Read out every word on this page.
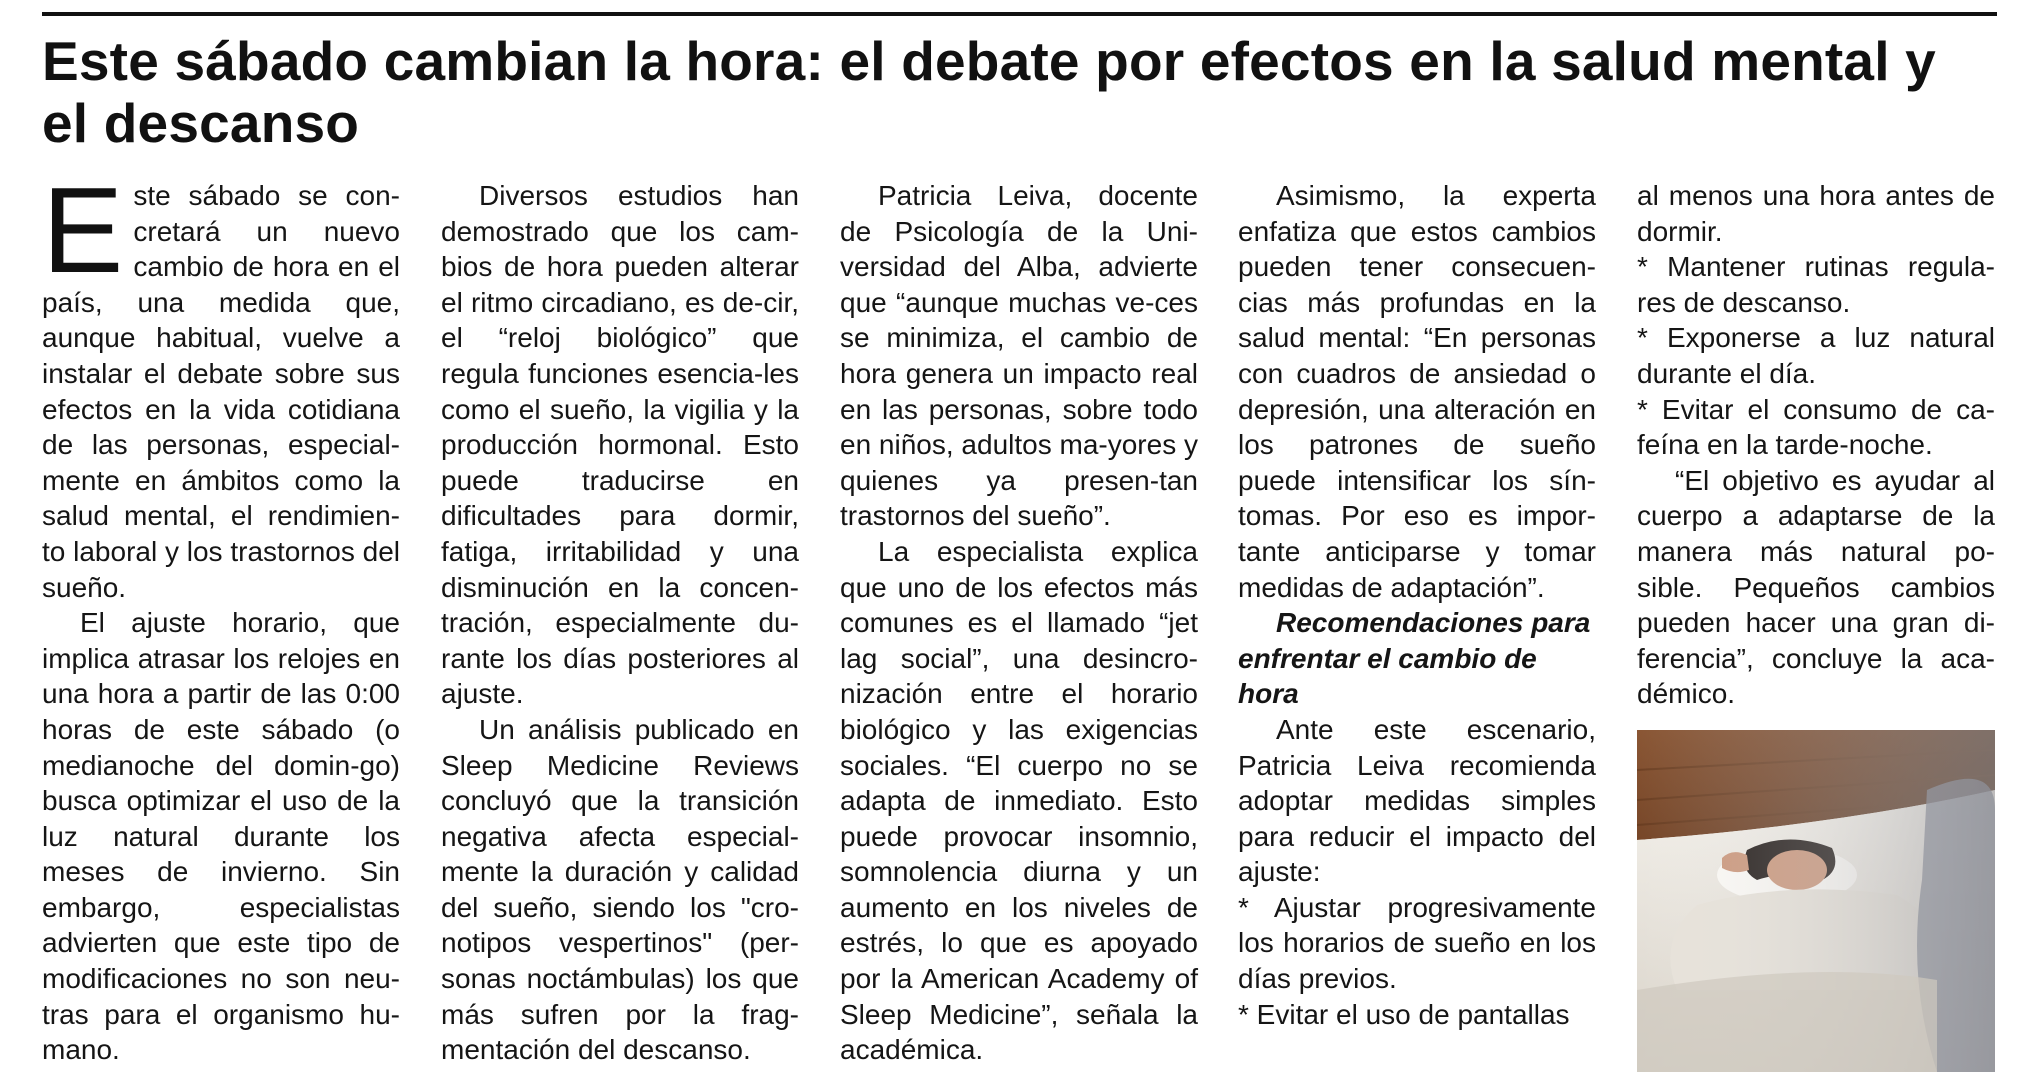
Este sábado cambian la hora: el debate por efectos en la salud mental y el descanso

Este sábado se con-cretará un nuevo cambio de hora en el país, una medida que, aunque habitual, vuelve a instalar el debate sobre sus efectos en la vida cotidiana de las personas, especial-mente en ámbitos como la salud mental, el rendimien-to laboral y los trastornos del sueño.

El ajuste horario, que implica atrasar los relojes en una hora a partir de las 0:00 horas de este sábado (o medianoche del domin-go) busca optimizar el uso de la luz natural durante los meses de invierno. Sin embargo, especialistas advierten que este tipo de modificaciones no son neu-tras para el organismo hu-mano.

Diversos estudios han demostrado que los cam-bios de hora pueden alterar el ritmo circadiano, es de-cir, el “reloj biológico” que regula funciones esencia-les como el sueño, la vigilia y la producción hormonal. Esto puede traducirse en dificultades para dormir, fatiga, irritabilidad y una disminución en la concen-tración, especialmente du-rante los días posteriores al ajuste.

Un análisis publicado en Sleep Medicine Reviews concluyó que la transición negativa afecta especial-mente la duración y calidad del sueño, siendo los "cro-notipos vespertinos" (per-sonas noctámbulas) los que más sufren por la frag-mentación del descanso.

Patricia Leiva, docente de Psicología de la Uni-versidad del Alba, advierte que “aunque muchas ve-ces se minimiza, el cambio de hora genera un impacto real en las personas, sobre todo en niños, adultos ma-yores y quienes ya presen-tan trastornos del sueño”.

La especialista explica que uno de los efectos más comunes es el llamado “jet lag social”, una desincro-nización entre el horario biológico y las exigencias sociales. “El cuerpo no se adapta de inmediato. Esto puede provocar insomnio, somnolencia diurna y un aumento en los niveles de estrés, lo que es apoyado por la American Academy of Sleep Medicine”, señala la académica.

Asimismo, la experta enfatiza que estos cambios pueden tener consecuen-cias más profundas en la salud mental: “En personas con cuadros de ansiedad o depresión, una alteración en los patrones de sueño puede intensificar los sín-tomas. Por eso es impor-tante anticiparse y tomar medidas de adaptación”.

Recomendaciones para enfrentar el cambio de hora

Ante este escenario, Patricia Leiva recomienda adoptar medidas simples para reducir el impacto del ajuste:

* Ajustar progresivamente los horarios de sueño en los días previos.

* Evitar el uso de pantallas

al menos una hora antes de dormir.

* Mantener rutinas regula-res de descanso.

* Exponerse a luz natural durante el día.

* Evitar el consumo de ca-feína en la tarde-noche.

“El objetivo es ayudar al cuerpo a adaptarse de la manera más natural po-sible. Pequeños cambios pueden hacer una gran di-ferencia”, concluye la aca-démico.
